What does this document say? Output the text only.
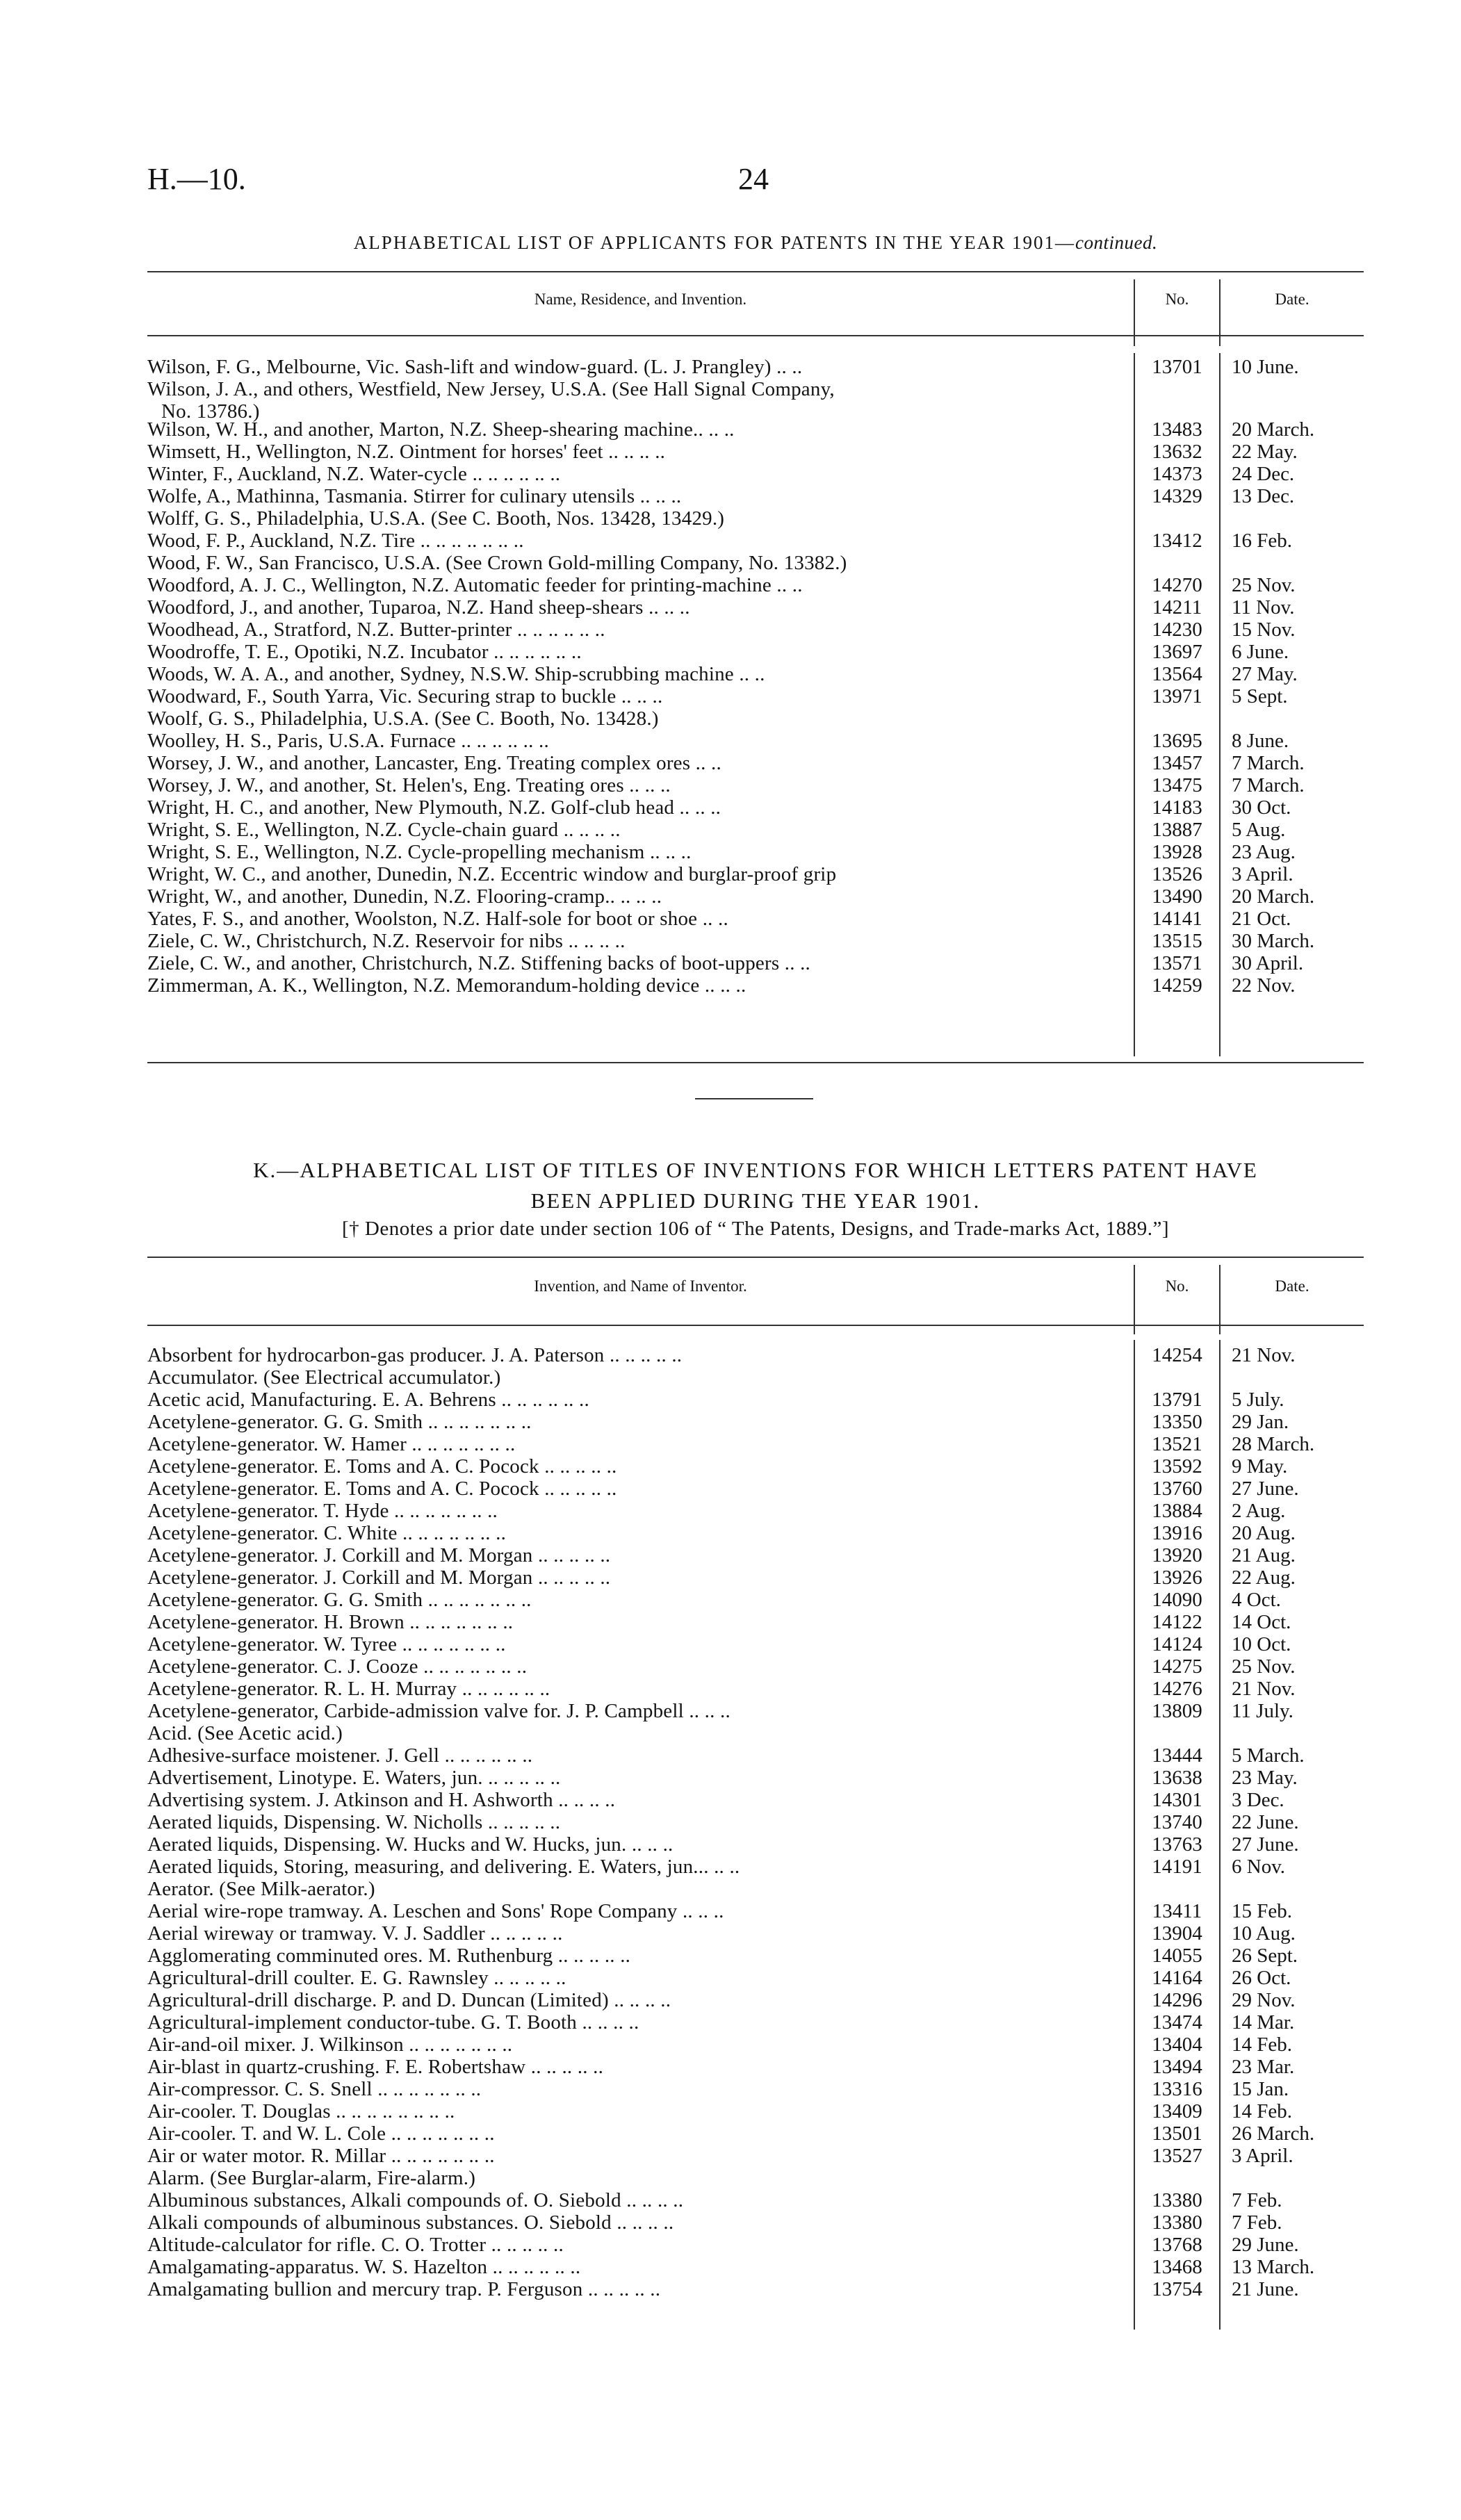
H.—10.	24
ALPHABETICAL LIST OF APPLICANTS FOR PATENTS IN THE YEAR 1901—continued.
Name, Residence, and Invention.	No.	Date.
Wilson, F. G., Melbourne, Vic. Sash-lift and window-guard. (L. J. Prangley) .. ..	13701	10 June.
Wilson, J. A., and others, Westfield, New Jersey, U.S.A. (See Hall Signal Company,
No. 13786.)
Wilson, W. H., and another, Marton, N.Z. Sheep-shearing machine.. .. ..	13483	20 March.
Wimsett, H., Wellington, N.Z. Ointment for horses' feet .. .. .. ..	13632	22 May.
Winter, F., Auckland, N.Z. Water-cycle .. .. .. .. .. ..	14373	24 Dec.
Wolfe, A., Mathinna, Tasmania. Stirrer for culinary utensils .. .. ..	14329	13 Dec.
Wolff, G. S., Philadelphia, U.S.A. (See C. Booth, Nos. 13428, 13429.)
Wood, F. P., Auckland, N.Z. Tire .. .. .. .. .. .. ..	13412	16 Feb.
Wood, F. W., San Francisco, U.S.A. (See Crown Gold-milling Company, No. 13382.)
Woodford, A. J. C., Wellington, N.Z. Automatic feeder for printing-machine .. ..	14270	25 Nov.
Woodford, J., and another, Tuparoa, N.Z. Hand sheep-shears .. .. ..	14211	11 Nov.
Woodhead, A., Stratford, N.Z. Butter-printer .. .. .. .. .. ..	14230	15 Nov.
Woodroffe, T. E., Opotiki, N.Z. Incubator .. .. .. .. .. ..	13697	6 June.
Woods, W. A. A., and another, Sydney, N.S.W. Ship-scrubbing machine .. ..	13564	27 May.
Woodward, F., South Yarra, Vic. Securing strap to buckle .. .. ..	13971	5 Sept.
Woolf, G. S., Philadelphia, U.S.A. (See C. Booth, No. 13428.)
Woolley, H. S., Paris, U.S.A. Furnace .. .. .. .. .. ..	13695	8 June.
Worsey, J. W., and another, Lancaster, Eng. Treating complex ores .. ..	13457	7 March.
Worsey, J. W., and another, St. Helen's, Eng. Treating ores .. .. ..	13475	7 March.
Wright, H. C., and another, New Plymouth, N.Z. Golf-club head .. .. ..	14183	30 Oct.
Wright, S. E., Wellington, N.Z. Cycle-chain guard .. .. .. ..	13887	5 Aug.
Wright, S. E., Wellington, N.Z. Cycle-propelling mechanism .. .. ..	13928	23 Aug.
Wright, W. C., and another, Dunedin, N.Z. Eccentric window and burglar-proof grip	13526	3 April.
Wright, W., and another, Dunedin, N.Z. Flooring-cramp.. .. .. ..	13490	20 March.
Yates, F. S., and another, Woolston, N.Z. Half-sole for boot or shoe .. ..	14141	21 Oct.
Ziele, C. W., Christchurch, N.Z. Reservoir for nibs .. .. .. ..	13515	30 March.
Ziele, C. W., and another, Christchurch, N.Z. Stiffening backs of boot-uppers .. ..	13571	30 April.
Zimmerman, A. K., Wellington, N.Z. Memorandum-holding device .. .. ..	14259	22 Nov.
K.—ALPHABETICAL LIST OF TITLES OF INVENTIONS FOR WHICH LETTERS PATENT HAVE
BEEN APPLIED DURING THE YEAR 1901.
[† Denotes a prior date under section 106 of “ The Patents, Designs, and Trade-marks Act, 1889.”]
Invention, and Name of Inventor.	No.	Date.
Absorbent for hydrocarbon-gas producer. J. A. Paterson .. .. .. .. ..	14254	21 Nov.
Accumulator. (See Electrical accumulator.)
Acetic acid, Manufacturing. E. A. Behrens .. .. .. .. .. ..	13791	5 July.
Acetylene-generator. G. G. Smith .. .. .. .. .. .. ..	13350	29 Jan.
Acetylene-generator. W. Hamer .. .. .. .. .. .. ..	13521	28 March.
Acetylene-generator. E. Toms and A. C. Pocock .. .. .. .. ..	13592	9 May.
Acetylene-generator. E. Toms and A. C. Pocock .. .. .. .. ..	13760	27 June.
Acetylene-generator. T. Hyde .. .. .. .. .. .. ..	13884	2 Aug.
Acetylene-generator. C. White .. .. .. .. .. .. ..	13916	20 Aug.
Acetylene-generator. J. Corkill and M. Morgan .. .. .. .. ..	13920	21 Aug.
Acetylene-generator. J. Corkill and M. Morgan .. .. .. .. ..	13926	22 Aug.
Acetylene-generator. G. G. Smith .. .. .. .. .. .. ..	14090	4 Oct.
Acetylene-generator. H. Brown .. .. .. .. .. .. ..	14122	14 Oct.
Acetylene-generator. W. Tyree .. .. .. .. .. .. ..	14124	10 Oct.
Acetylene-generator. C. J. Cooze .. .. .. .. .. .. ..	14275	25 Nov.
Acetylene-generator. R. L. H. Murray .. .. .. .. .. ..	14276	21 Nov.
Acetylene-generator, Carbide-admission valve for. J. P. Campbell .. .. ..	13809	11 July.
Acid. (See Acetic acid.)
Adhesive-surface moistener. J. Gell .. .. .. .. .. ..	13444	5 March.
Advertisement, Linotype. E. Waters, jun. .. .. .. .. ..	13638	23 May.
Advertising system. J. Atkinson and H. Ashworth .. .. .. ..	14301	3 Dec.
Aerated liquids, Dispensing. W. Nicholls .. .. .. .. ..	13740	22 June.
Aerated liquids, Dispensing. W. Hucks and W. Hucks, jun. .. .. ..	13763	27 June.
Aerated liquids, Storing, measuring, and delivering. E. Waters, jun... .. ..	14191	6 Nov.
Aerator. (See Milk-aerator.)
Aerial wire-rope tramway. A. Leschen and Sons' Rope Company .. .. ..	13411	15 Feb.
Aerial wireway or tramway. V. J. Saddler .. .. .. .. ..	13904	10 Aug.
Agglomerating comminuted ores. M. Ruthenburg .. .. .. .. ..	14055	26 Sept.
Agricultural-drill coulter. E. G. Rawnsley .. .. .. .. ..	14164	26 Oct.
Agricultural-drill discharge. P. and D. Duncan (Limited) .. .. .. ..	14296	29 Nov.
Agricultural-implement conductor-tube. G. T. Booth .. .. .. ..	13474	14 Mar.
Air-and-oil mixer. J. Wilkinson .. .. .. .. .. .. ..	13404	14 Feb.
Air-blast in quartz-crushing. F. E. Robertshaw .. .. .. .. ..	13494	23 Mar.
Air-compressor. C. S. Snell .. .. .. .. .. .. ..	13316	15 Jan.
Air-cooler. T. Douglas .. .. .. .. .. .. .. ..	13409	14 Feb.
Air-cooler. T. and W. L. Cole .. .. .. .. .. .. ..	13501	26 March.
Air or water motor. R. Millar .. .. .. .. .. .. ..	13527	3 April.
Alarm. (See Burglar-alarm, Fire-alarm.)
Albuminous substances, Alkali compounds of. O. Siebold .. .. .. ..	13380	7 Feb.
Alkali compounds of albuminous substances. O. Siebold .. .. .. ..	13380	7 Feb.
Altitude-calculator for rifle. C. O. Trotter .. .. .. .. ..	13768	29 June.
Amalgamating-apparatus. W. S. Hazelton .. .. .. .. .. ..	13468	13 March.
Amalgamating bullion and mercury trap. P. Ferguson .. .. .. .. ..	13754	21 June.
